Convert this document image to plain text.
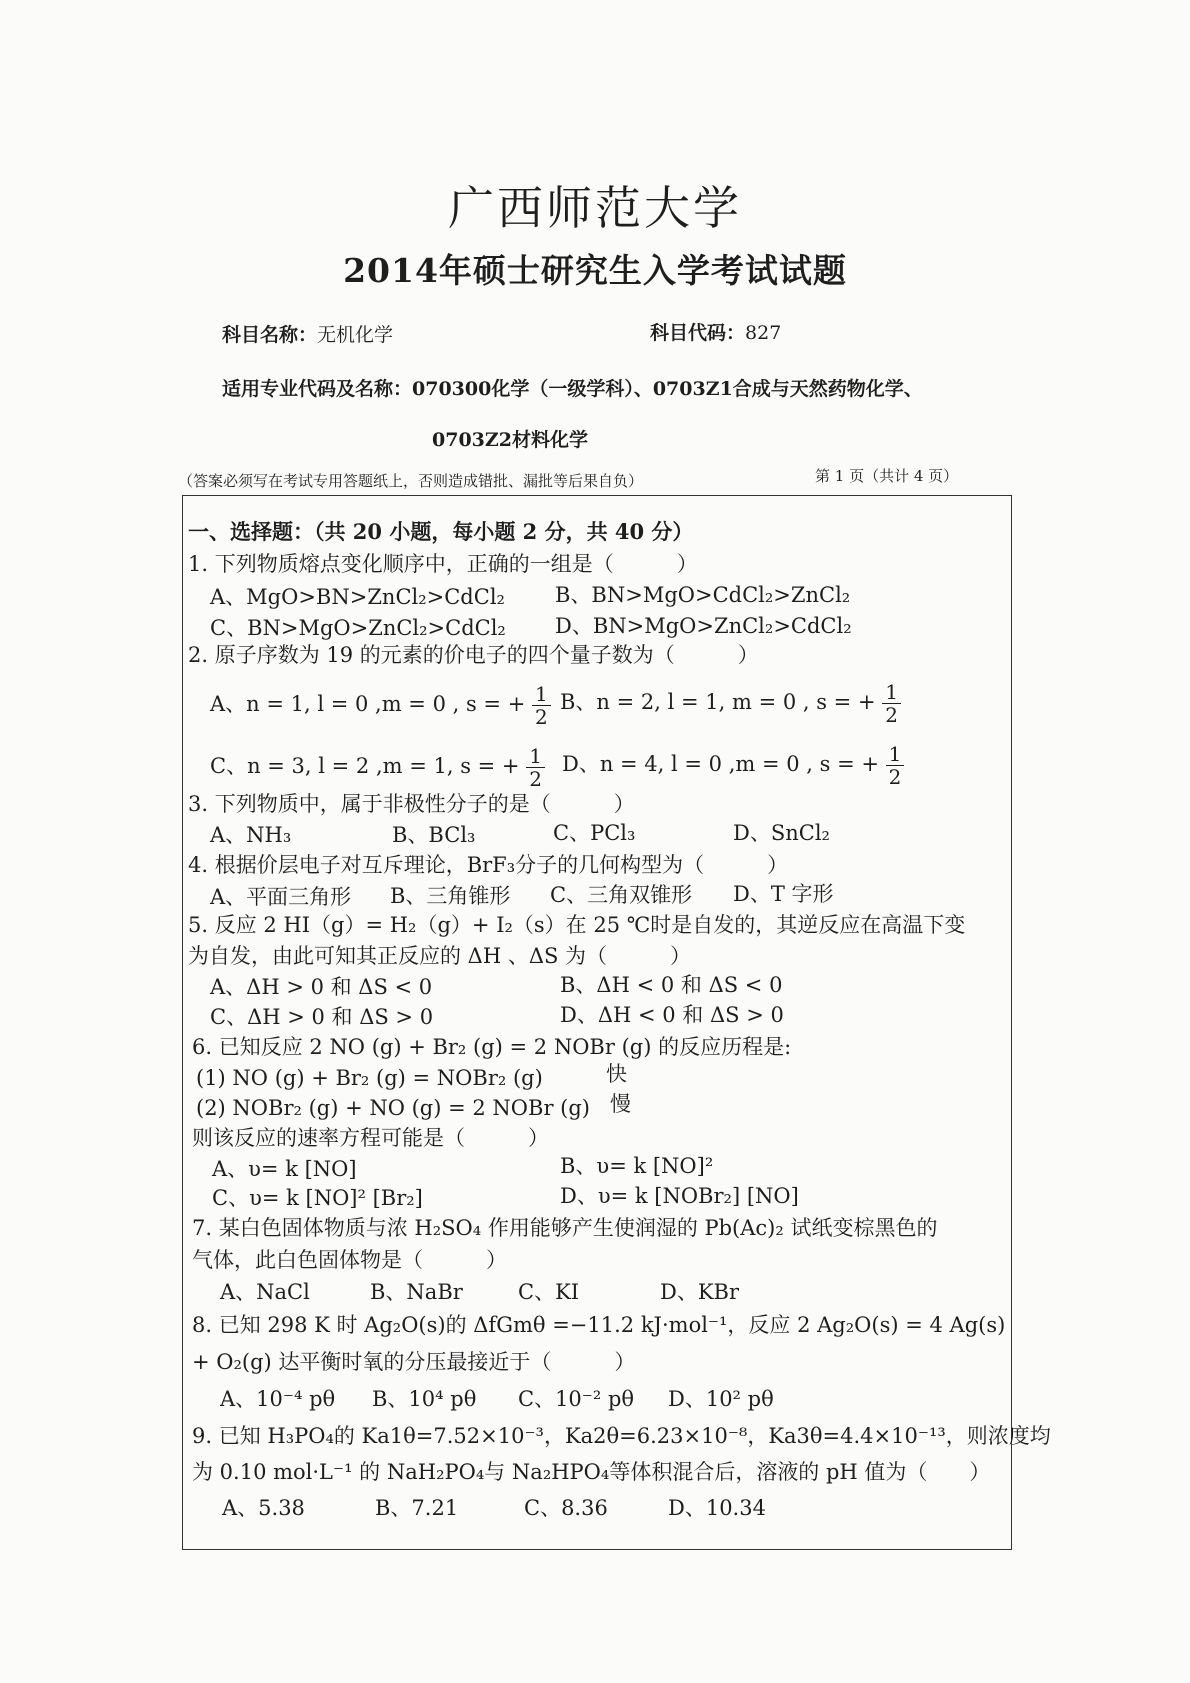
广西师范大学
2014年硕士研究生入学考试试题
科目名称：无机化学	科目代码：827
适用专业代码及名称：070300化学（一级学科）、0703Z1合成与天然药物化学、
0703Z2材料化学
（答案必须写在考试专用答题纸上，否则造成错批、漏批等后果自负）	第 1 页（共计 4 页）
一、选择题：（共 20 小题，每小题 2 分，共 40 分）
1. 下列物质熔点变化顺序中，正确的一组是（　　　）
A、MgO>BN>ZnCl₂>CdCl₂ B、BN>MgO>CdCl₂>ZnCl₂
C、BN>MgO>ZnCl₂>CdCl₂ D、BN>MgO>ZnCl₂>CdCl₂
2. 原子序数为 19 的元素的价电子的四个量子数为（　　　）
A、n = 1, l = 0 ,m = 0 , s = + $\frac{1}{2}$ B、n = 2, l = 1, m = 0 , s = + $\frac{1}{2}$
C、n = 3, l = 2 ,m = 1, s = + $\frac{1}{2}$ D、n = 4, l = 0 ,m = 0 , s = + $\frac{1}{2}$
3. 下列物质中，属于非极性分子的是（　　　）
A、NH₃	B、BCl₃	C、PCl₃	D、SnCl₂
4. 根据价层电子对互斥理论，BrF₃分子的几何构型为（　　　）
A、平面三角形 B、三角锥形 C、三角双锥形 D、T 字形
5. 反应 2 HI（g）= H₂（g）+ I₂（s）在 25 ℃时是自发的，其逆反应在高温下变
为自发，由此可知其正反应的 ΔH 、ΔS 为（　　　）
A、ΔH > 0 和 ΔS < 0	B、ΔH < 0 和 ΔS < 0
C、ΔH > 0 和 ΔS > 0	D、ΔH < 0 和 ΔS > 0
6. 已知反应 2 NO (g) + Br₂ (g) = 2 NOBr (g) 的反应历程是:
(1) NO (g) + Br₂ (g) = NOBr₂ (g)	快
(2) NOBr₂ (g) + NO (g) = 2 NOBr (g) 慢
则该反应的速率方程可能是（　　　）
A、υ= k [NO]	B、υ= k [NO]²
C、υ= k [NO]² [Br₂]	D、υ= k [NOBr₂] [NO]
7. 某白色固体物质与浓 H₂SO₄ 作用能够产生使润湿的 Pb(Ac)₂ 试纸变棕黑色的
气体，此白色固体物是（　　　）
A、NaCl	B、NaBr	C、KI	D、KBr
8. 已知 298 K 时 Ag₂O(s)的 ΔfGmθ =−11.2 kJ·mol⁻¹，反应 2 Ag₂O(s) = 4 Ag(s)
+ O₂(g) 达平衡时氧的分压最接近于（　　　）
A、10⁻⁴ pθ B、10⁴ pθ C、10⁻² pθ D、10² pθ
9. 已知 H₃PO₄的 Ka1θ=7.52×10⁻³，Ka2θ=6.23×10⁻⁸，Ka3θ=4.4×10⁻¹³，则浓度均
为 0.10 mol·L⁻¹ 的 NaH₂PO₄与 Na₂HPO₄等体积混合后，溶液的 pH 值为（　　）
A、5.38	B、7.21	C、8.36	D、10.34
